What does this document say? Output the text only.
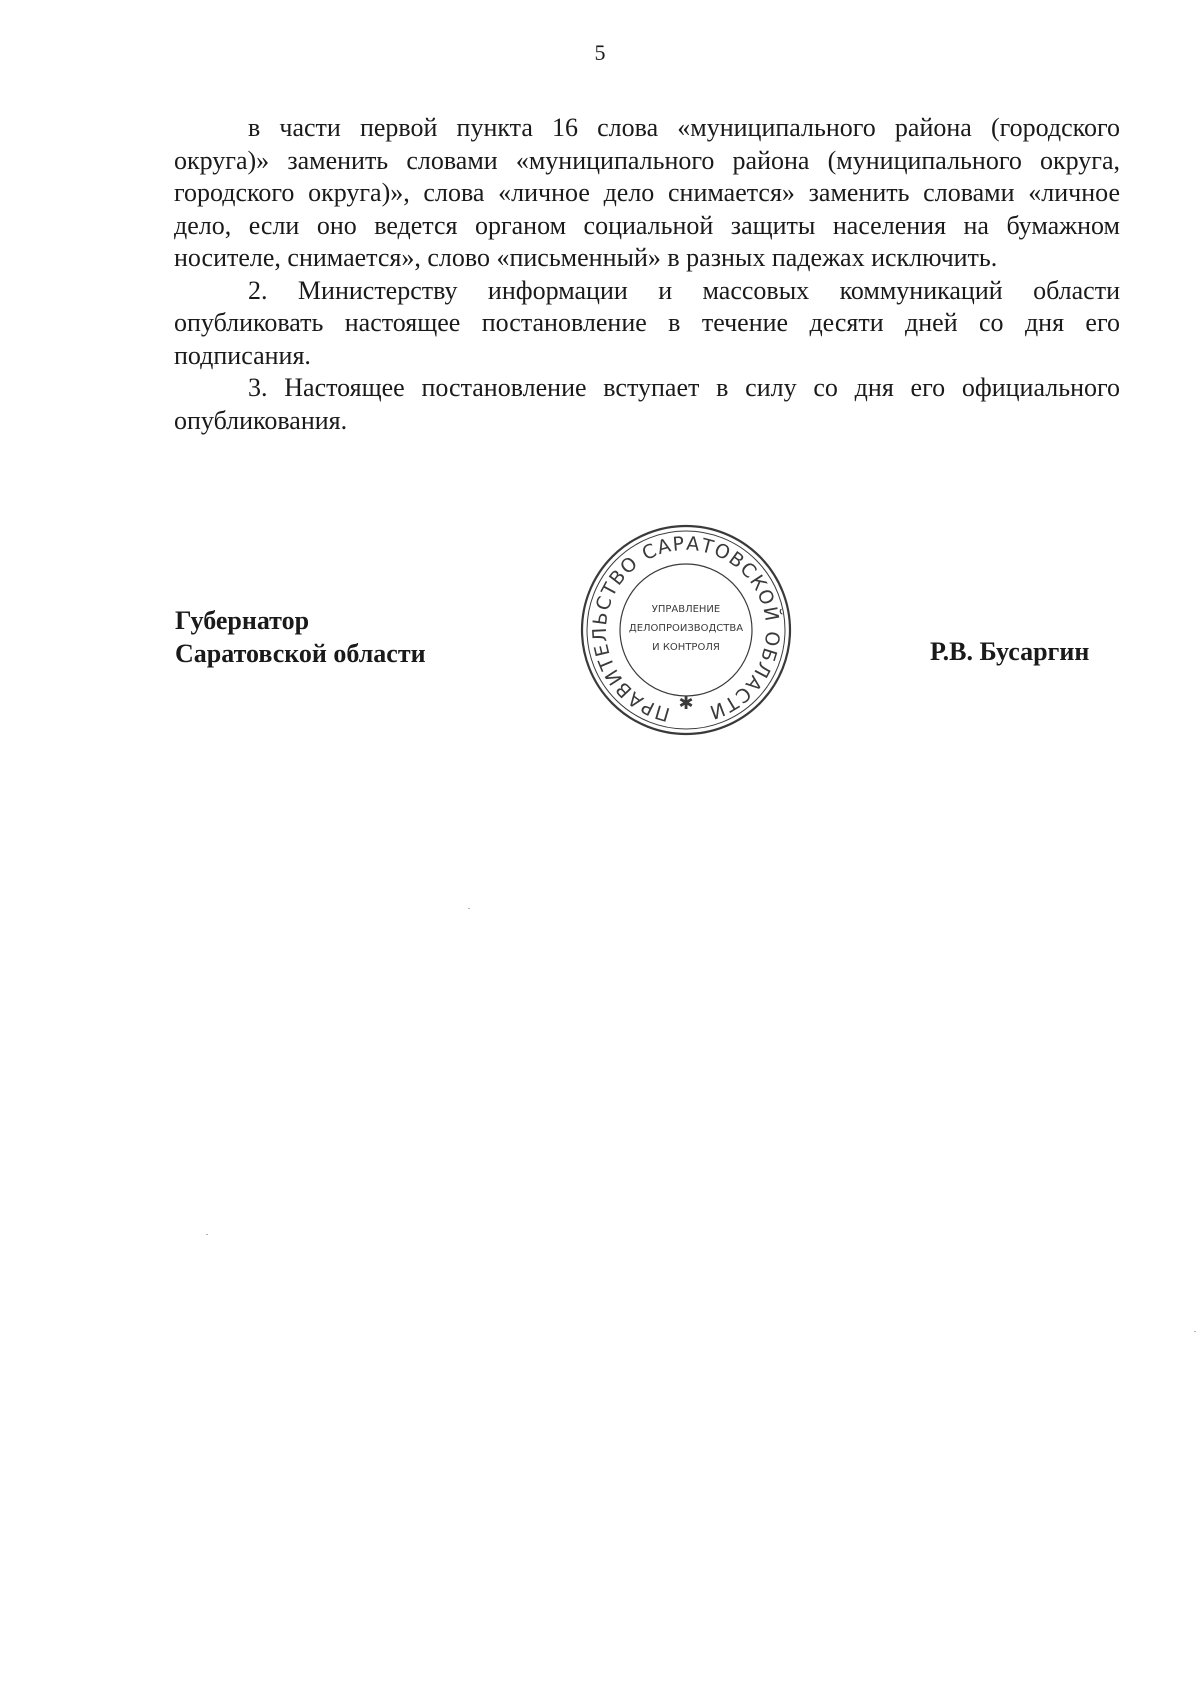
5

в части первой пункта 16 слова «муниципального района (городского округа)» заменить словами «муниципального района (муниципального округа, городского округа)», слова «личное дело снимается» заменить словами «личное дело, если оно ведется органом социальной защиты населения на бумажном носителе, снимается», слово «письменный» в разных падежах исключить.

2. Министерству информации и массовых коммуникаций области опубликовать настоящее постановление в течение десяти дней со дня его подписания.

3. Настоящее постановление вступает в силу со дня его официального опубликования.

Губернатор
Саратовской области	Р.В. Бусаргин
ПРАВИТЕЛЬСТВО САРАТОВСКОЙ ОБЛАСТИ
✱
УПРАВЛЕНИЕ
ДЕЛОПРОИЗВОДСТВА
И КОНТРОЛЯ
